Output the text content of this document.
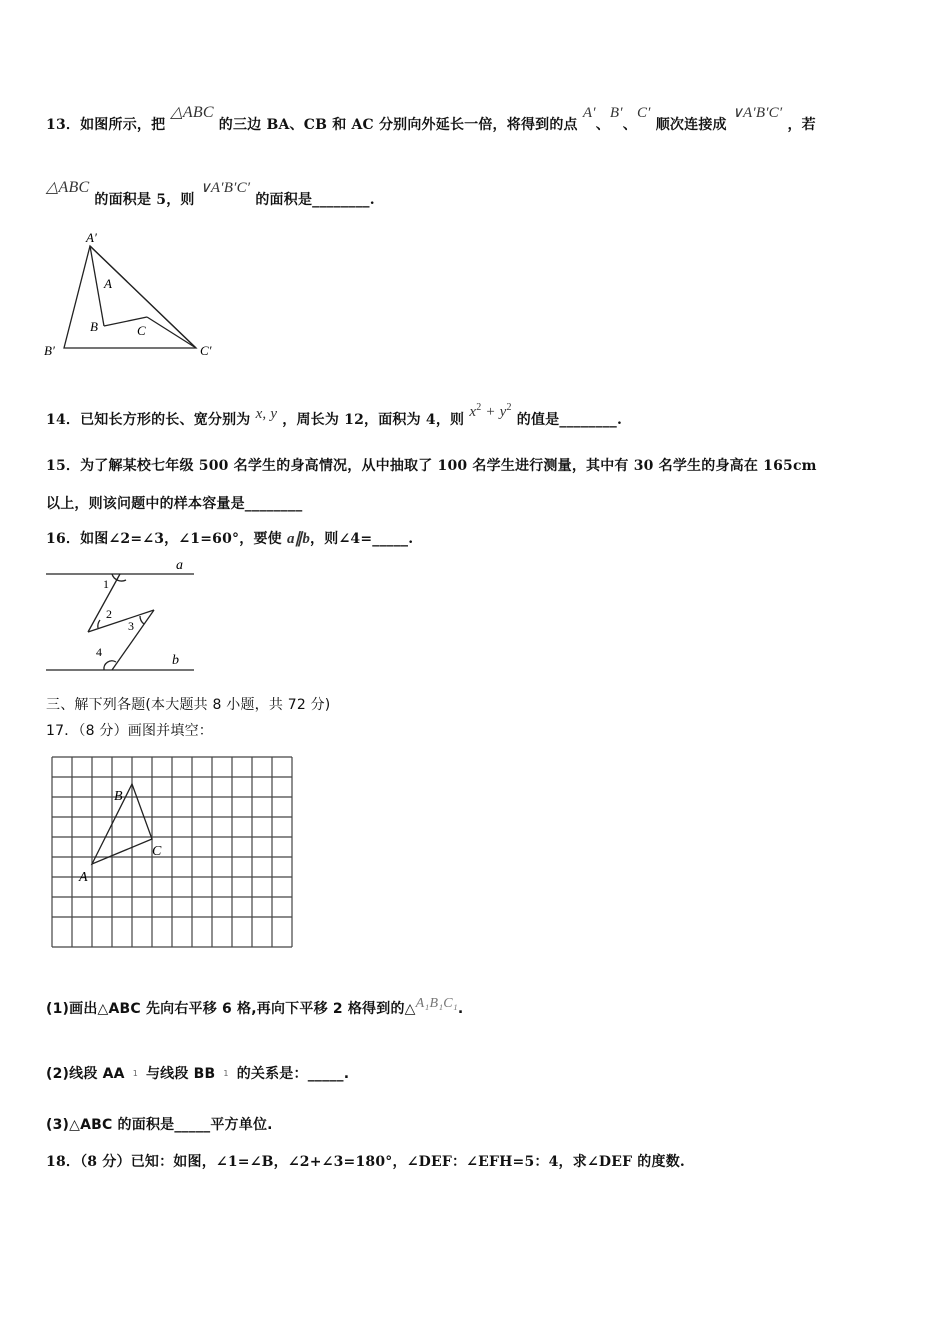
13．如图所示，把 △ABC 的三边 BA、CB 和 AC 分别向外延长一倍，将得到的点 A′、B′、C′ 顺次连接成 ∨A′B′C′ ，若
△ABC 的面积是 5，则 ∨A′B′C′ 的面积是________.
A′
A
B	C
B′	C′
14．已知长方形的长、宽分别为 x, y ，周长为 12，面积为 4，则 $x^2 + y^2$ 的值是________.
15．为了解某校七年级 500 名学生的身高情况，从中抽取了 100 名学生进行测量，其中有 30 名学生的身高在 165cm
以上，则该问题中的样本容量是________
16．如图∠2=∠3，∠1=60°，要使 a∥b，则∠4=_____.
a
b
1
2
3
4
三、解下列各题(本大题共 8 小题，共 72 分)
17．（8 分）画图并填空：
A
B
C
(1)画出△ABC 先向右平移 6 格,再向下平移 2 格得到的△A₁B₁C₁.
(2)线段 AA 1 与线段 BB 1 的关系是：_____.
(3)△ABC 的面积是_____平方单位.
18．（8 分）已知：如图，∠1=∠B，∠2+∠3=180°，∠DEF：∠EFH=5：4，求∠DEF 的度数.
